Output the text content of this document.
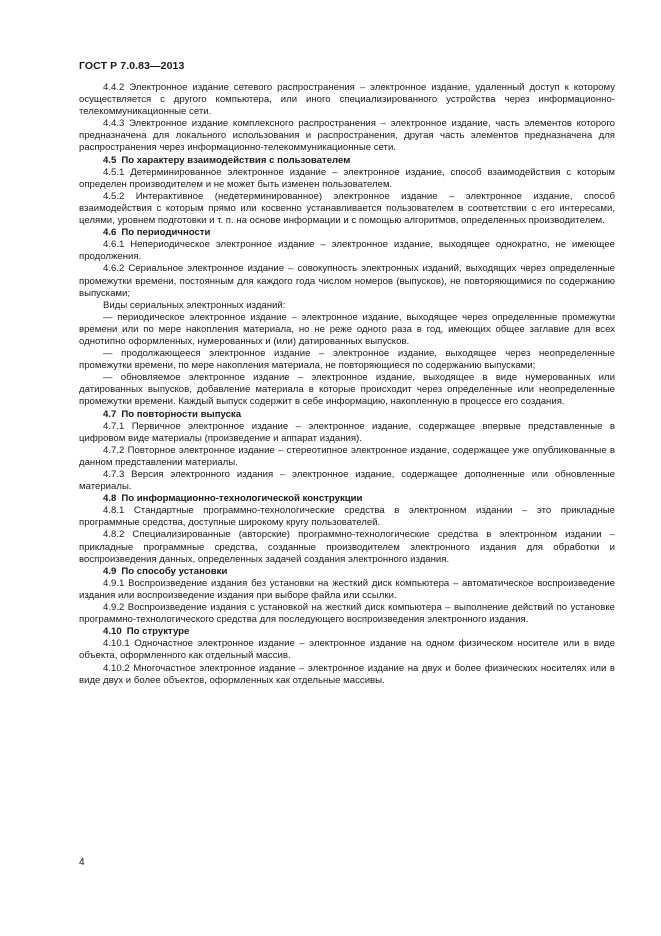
ГОСТ Р 7.0.83—2013

4.4.2 Электронное издание сетевого распространения – электронное издание, удаленный доступ к которому осуществляется с другого компьютера, или иного специализированного устройства через информационно-телекоммуникационные сети.

4.4.3 Электронное издание комплексного распространения – электронное издание, часть элементов которого предназначена для локального использования и распространения, другая часть элементов предназначена для распространения через информационно-телекоммуникационные сети.

4.5 По характеру взаимодействия с пользователем

4.5.1 Детерминированное электронное издание – электронное издание, способ взаимодействия с которым определен производителем и не может быть изменен пользователем.

4.5.2 Интерактивное (недетерминированное) электронное издание – электронное издание, способ взаимодействия с которым прямо или косвенно устанавливается пользователем в соответствии с его интересами, целями, уровнем подготовки и т. п. на основе информации и с помощью алгоритмов, определенных производителем.

4.6 По периодичности

4.6.1 Непериодическое электронное издание – электронное издание, выходящее однократно, не имеющее продолжения.

4.6.2 Сериальное электронное издание – совокупность электронных изданий, выходящих через определенные промежутки времени, постоянным для каждого года числом номеров (выпусков), не повторяющимися по содержанию выпусками;

Виды сериальных электронных изданий:

— периодическое электронное издание – электронное издание, выходящее через определенные промежутки времени или по мере накопления материала, но не реже одного раза в год, имеющих общее заглавие для всех однотипно оформленных, нумерованных и (или) датированных выпусков.

— продолжающееся электронное издание – электронное издание, выходящее через неопределенные промежутки времени, по мере накопления материала, не повторяющиеся по содержанию выпусками;

— обновляемое электронное издание – электронное издание, выходящее в виде нумерованных или датированных выпусков, добавление материала в которые происходит через определенные или неопределенные промежутки времени. Каждый выпуск содержит в себе информацию, накопленную в процессе его создания.

4.7 По повторности выпуска

4.7.1 Первичное электронное издание – электронное издание, содержащее впервые представленные в цифровом виде материалы (произведение и аппарат издания).

4.7.2 Повторное электронное издание – стереотипное электронное издание, содержащее уже опубликованные в данном представлении материалы.

4.7.3 Версия электронного издания – электронное издание, содержащее дополненные или обновленные материалы.

4.8 По информационно-технологической конструкции

4.8.1 Стандартные программно-технологические средства в электронном издании – это прикладные программные средства, доступные широкому кругу пользователей.

4.8.2 Специализированные (авторские) программно-технологические средства в электронном издании – прикладные программные средства, созданные производителем электронного издания для обработки и воспроизведения данных, определенных задачей создания электронного издания.

4.9 По способу установки

4.9.1 Воспроизведение издания без установки на жесткий диск компьютера – автоматическое воспроизведение издания или воспроизведение издания при выборе файла или ссылки.

4.9.2 Воспроизведение издания с установкой на жесткий диск компьютера – выполнение действий по установке программно-технологического средства для последующего воспроизведения электронного издания.

4.10 По структуре

4.10.1 Одночастное электронное издание – электронное издание на одном физическом носителе или в виде объекта, оформленного как отдельный массив.

4.10.2 Многочастное электронное издание – электронное издание на двух и более физических носителях или в виде двух и более объектов, оформленных как отдельные массивы.

4
